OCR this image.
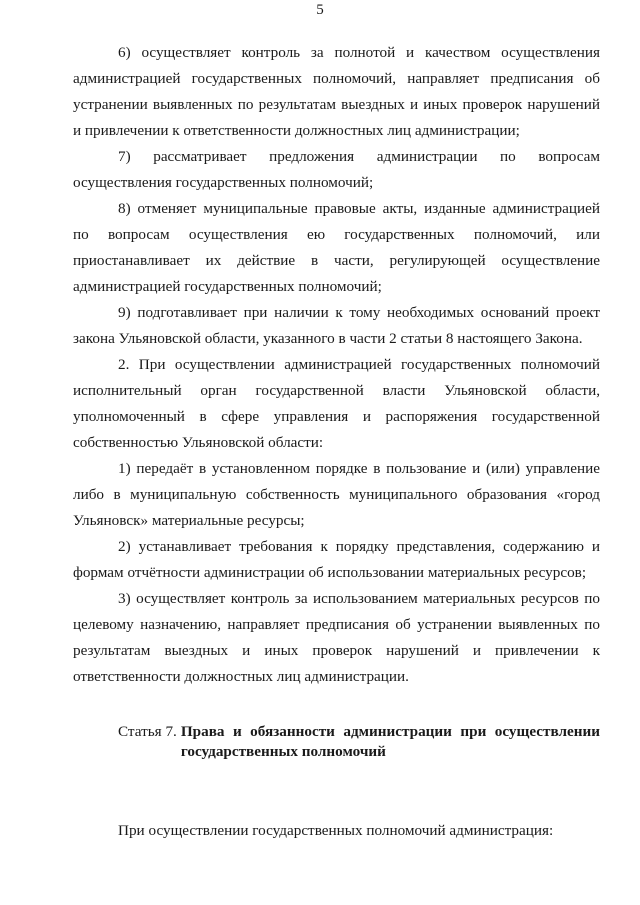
5

6) осуществляет контроль за полнотой и качеством осуществления администрацией государственных полномочий, направляет предписания об устранении выявленных по результатам выездных и иных проверок нарушений и привлечении к ответственности должностных лиц администрации;

7) рассматривает предложения администрации по вопросам осуществления государственных полномочий;

8) отменяет муниципальные правовые акты, изданные администрацией по вопросам осуществления ею государственных полномочий, или приостанавливает их действие в части, регулирующей осуществление администрацией государственных полномочий;

9) подготавливает при наличии к тому необходимых оснований проект закона Ульяновской области, указанного в части 2 статьи 8 настоящего Закона.

2. При осуществлении администрацией государственных полномочий исполнительный орган государственной власти Ульяновской области, уполномоченный в сфере управления и распоряжения государственной собственностью Ульяновской области:

1) передаёт в установленном порядке в пользование и (или) управление либо в муниципальную собственность муниципального образования «город Ульяновск» материальные ресурсы;

2) устанавливает требования к порядку представления, содержанию и формам отчётности администрации об использовании материальных ресурсов;

3) осуществляет контроль за использованием материальных ресурсов по целевому назначению, направляет предписания об устранении выявленных по результатам выездных и иных проверок нарушений и привлечении к ответственности должностных лиц администрации.

Статья 7. Права и обязанности администрации при осуществлении государственных полномочий

При осуществлении государственных полномочий администрация:
